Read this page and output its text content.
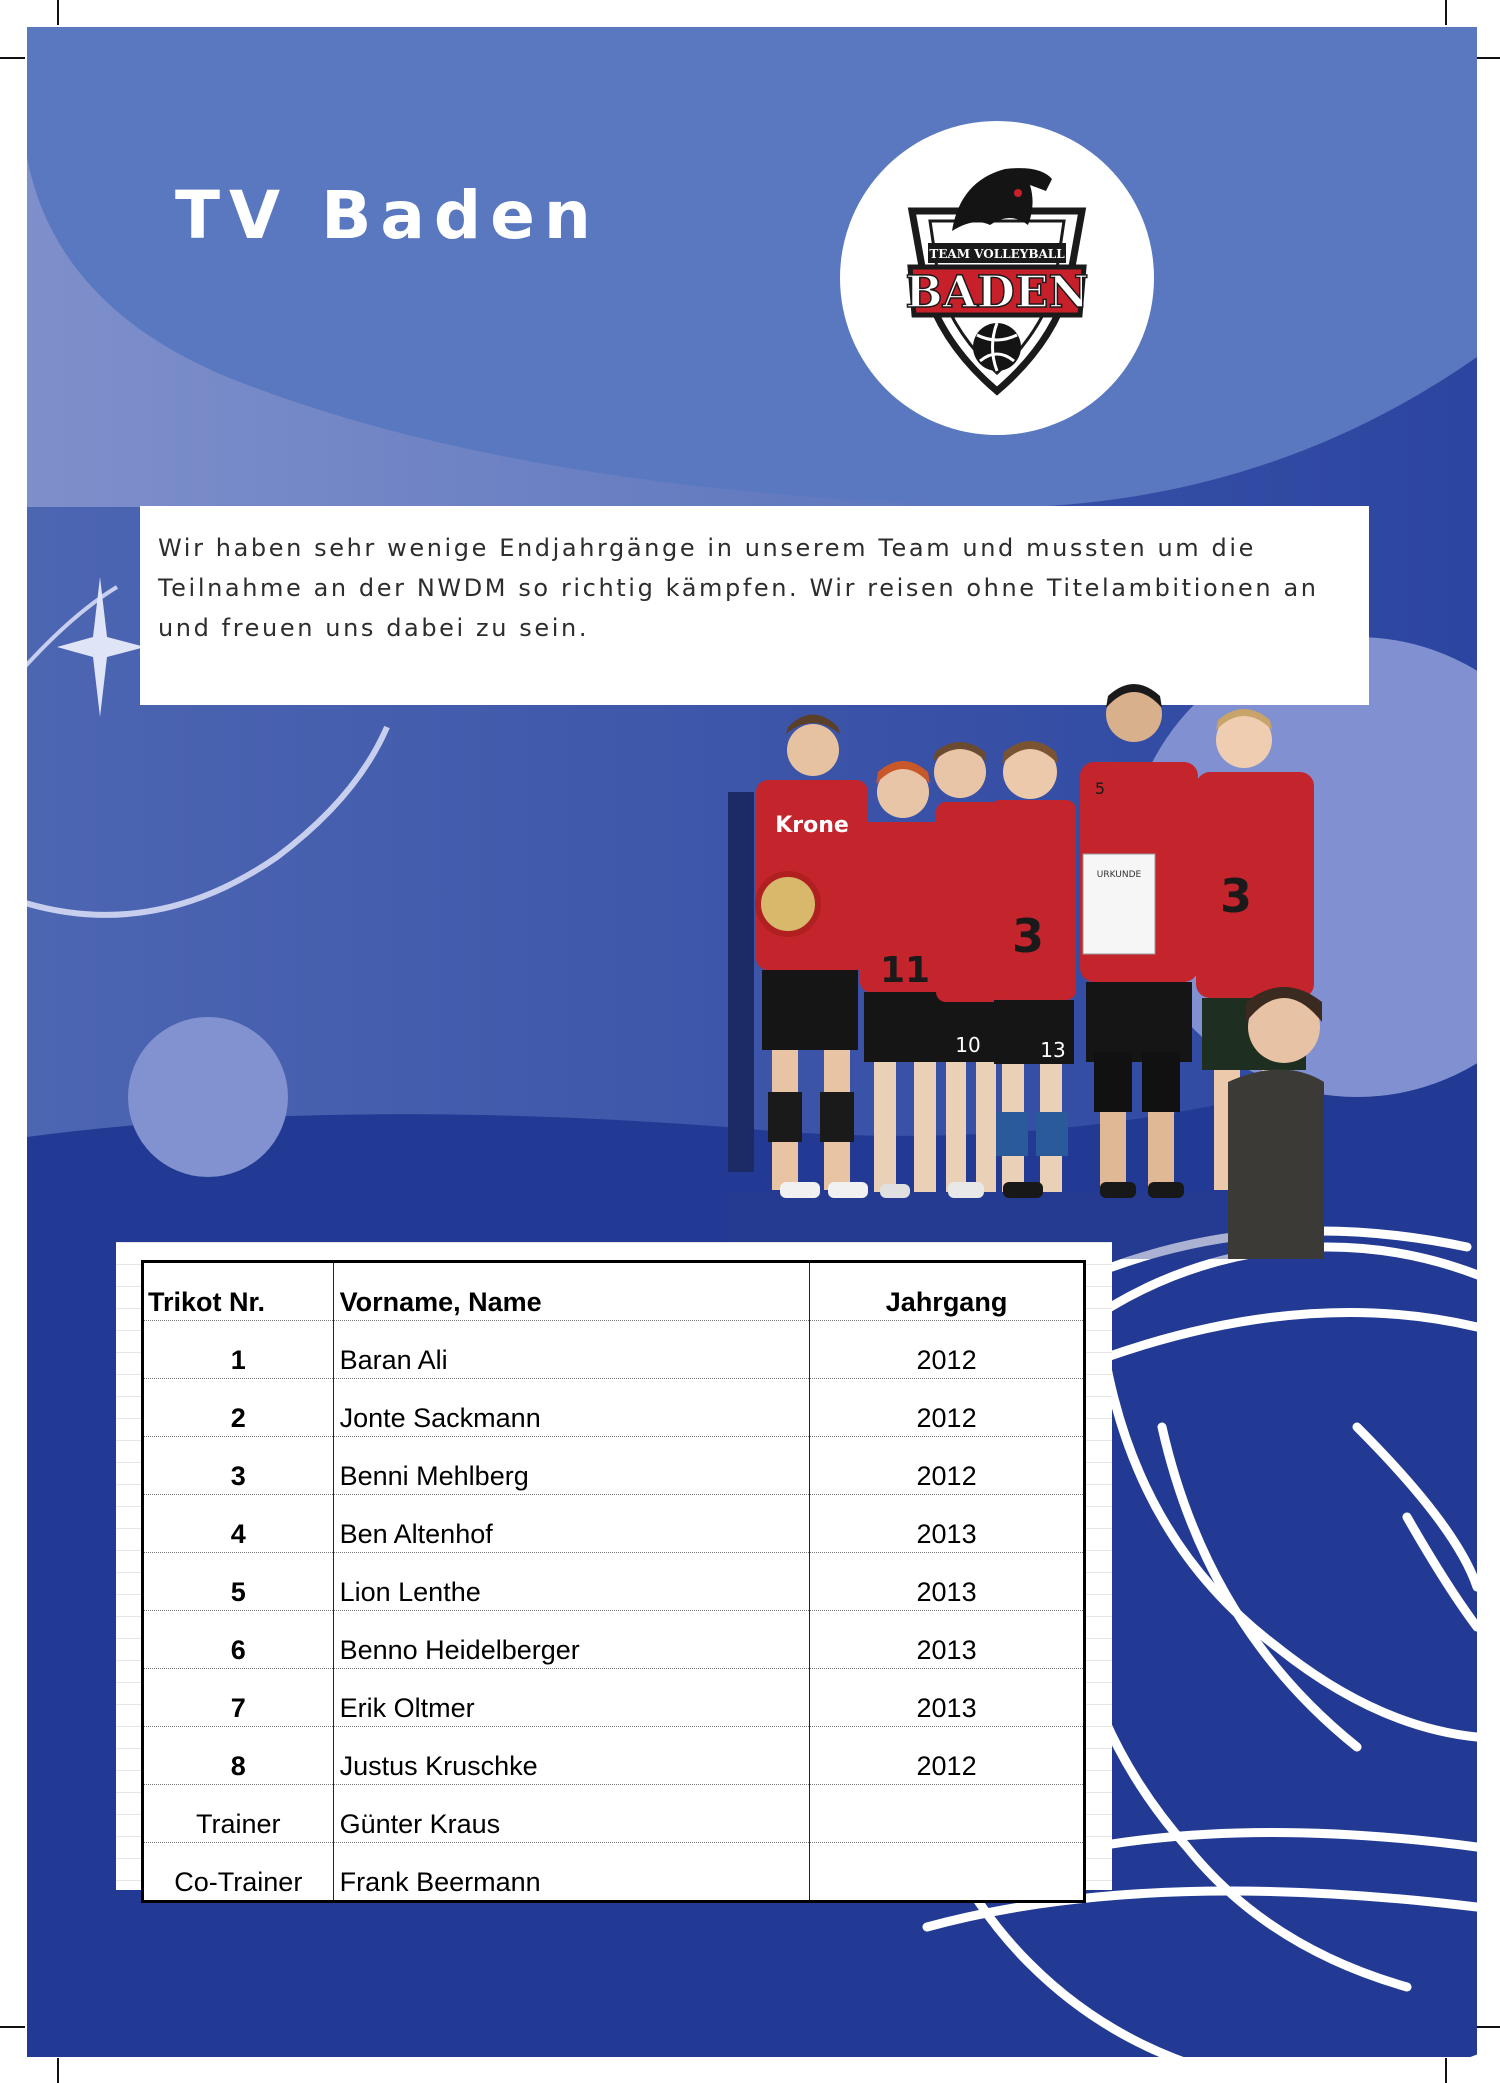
TV Baden	TEAM VOLLEYBALL
BADEN

Wir haben sehr wenige Endjahrgänge in unserem Team und mussten um die Teilnahme an der NWDM so richtig kämpfen. Wir reisen ohne Titelambitionen an und freuen uns dabei zu sein.

Krone
11
10
3
13
URKUNDE
5
3
Trikot Nr.	Vorname, Name	Jahrgang
1	Baran Ali	2012
2	Jonte Sackmann	2012
3	Benni Mehlberg	2012
4	Ben Altenhof	2013
5	Lion Lenthe	2013
6	Benno Heidelberger	2013
7	Erik Oltmer	2013
8	Justus Kruschke	2012
Trainer	Günter Kraus	
Co-Trainer	Frank Beermann	
